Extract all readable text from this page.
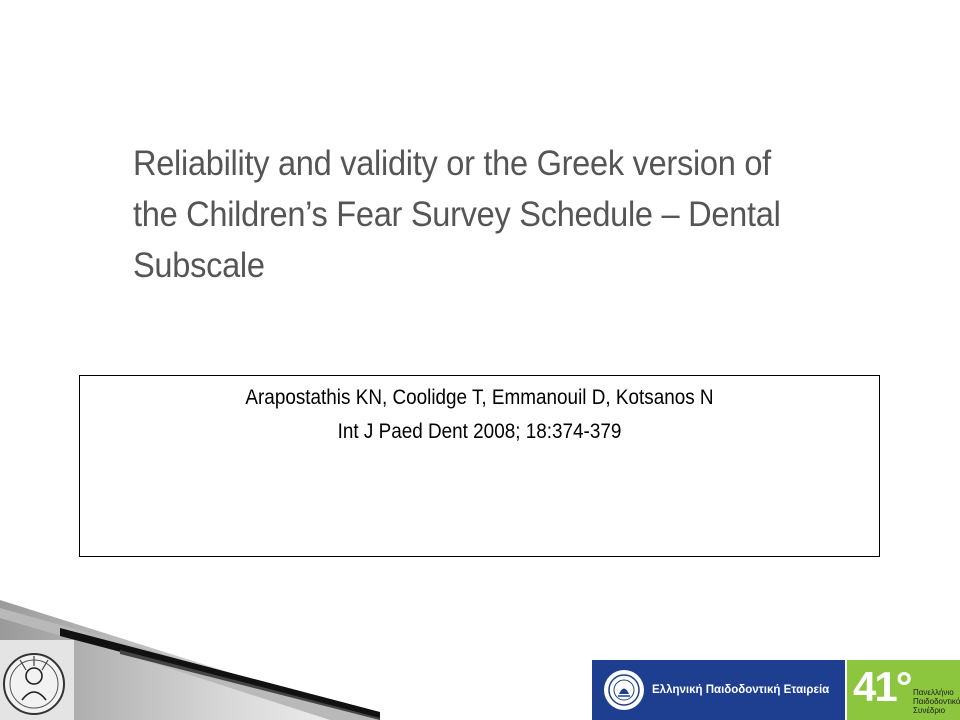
Reliability and validity or the Greek version of
the Children’s Fear Survey Schedule – Dental
Subscale
Arapostathis KN, Coolidge T, Emmanouil D, Kotsanos N
Int J Paed Dent 2008; 18:374-379
Ελληνική Παιδοδοντική Εταιρεία 41° Πανελλήνιο
Παιδοδοντικό
Συνέδριο
